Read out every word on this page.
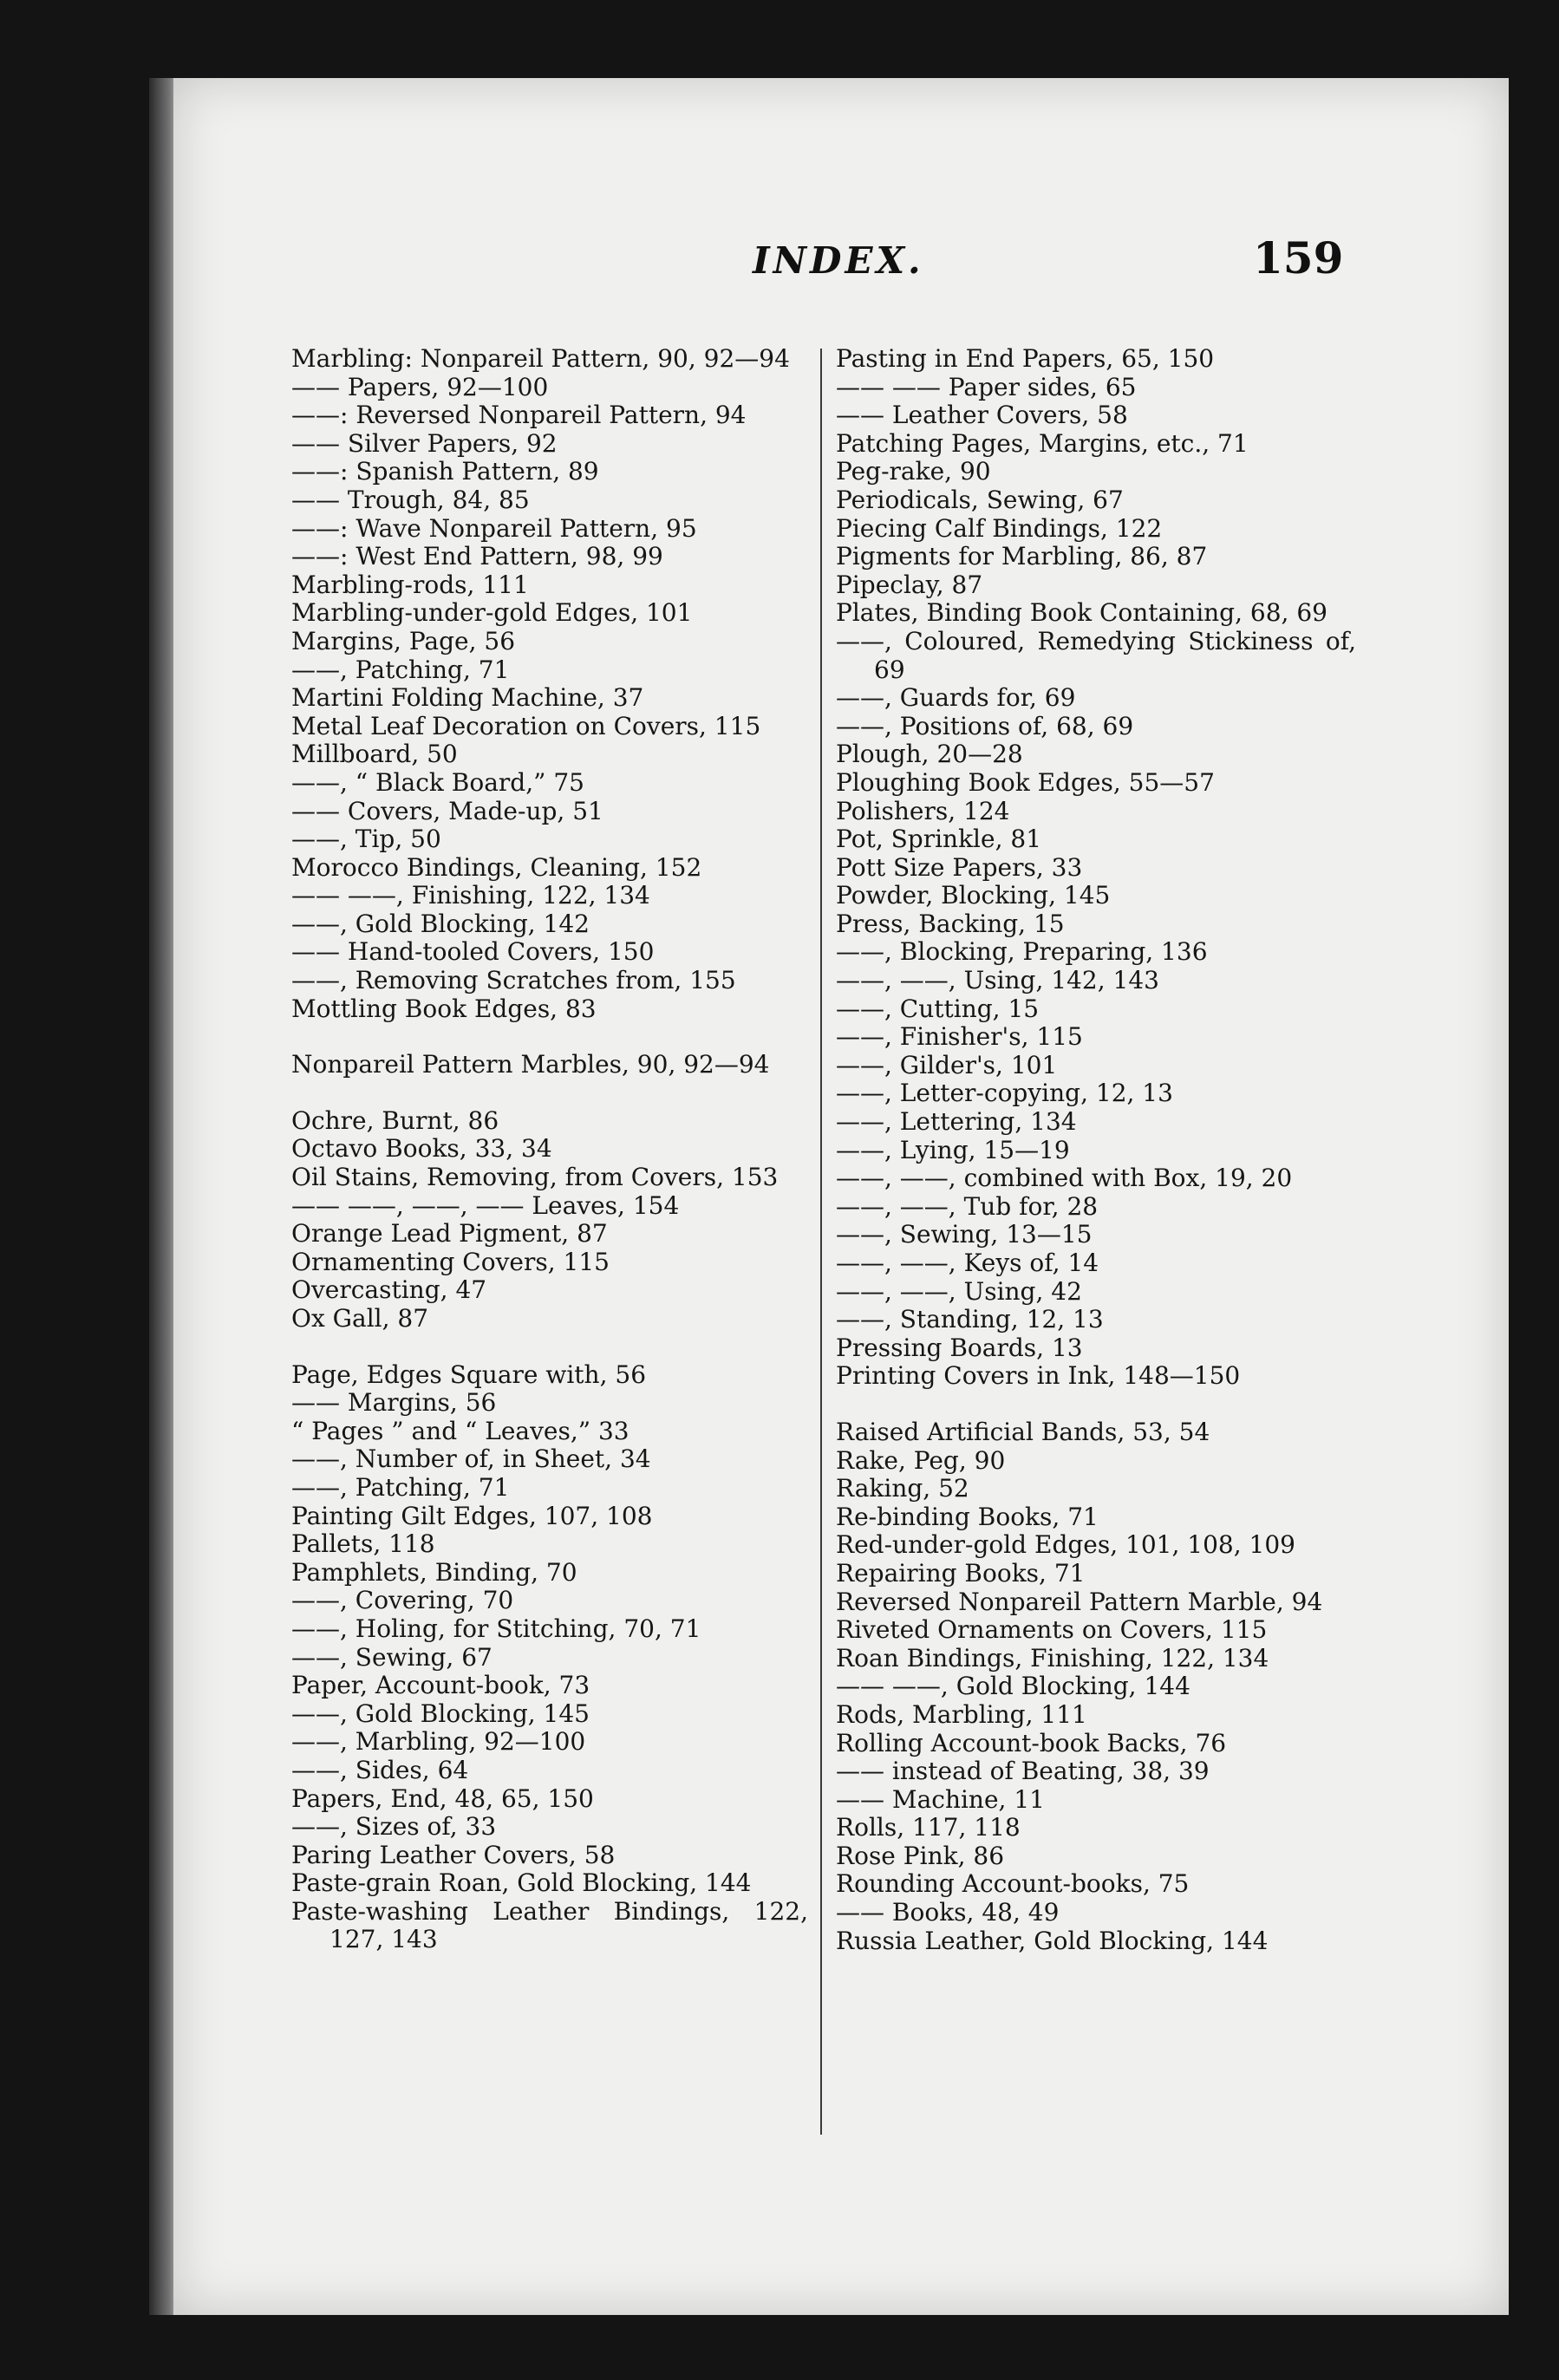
INDEX.	159
Marbling: Nonpareil Pattern, 90, 92—94
—— Papers, 92—100
——: Reversed Nonpareil Pattern, 94
—— Silver Papers, 92
——: Spanish Pattern, 89
—— Trough, 84, 85
——: Wave Nonpareil Pattern, 95
——: West End Pattern, 98, 99
Marbling-rods, 111
Marbling-under-gold Edges, 101
Margins, Page, 56
——, Patching, 71
Martini Folding Machine, 37
Metal Leaf Decoration on Covers, 115
Millboard, 50
——, “ Black Board,” 75
—— Covers, Made-up, 51
——, Tip, 50
Morocco Bindings, Cleaning, 152
—— ——, Finishing, 122, 134
——, Gold Blocking, 142
—— Hand-tooled Covers, 150
——, Removing Scratches from, 155
Mottling Book Edges, 83
Nonpareil Pattern Marbles, 90, 92—94
Ochre, Burnt, 86
Octavo Books, 33, 34
Oil Stains, Removing, from Covers, 153
—— ——, ——, —— Leaves, 154
Orange Lead Pigment, 87
Ornamenting Covers, 115
Overcasting, 47
Ox Gall, 87
Page, Edges Square with, 56
—— Margins, 56
“ Pages ” and “ Leaves,” 33
——, Number of, in Sheet, 34
——, Patching, 71
Painting Gilt Edges, 107, 108
Pallets, 118
Pamphlets, Binding, 70
——, Covering, 70
——, Holing, for Stitching, 70, 71
——, Sewing, 67
Paper, Account-book, 73
——, Gold Blocking, 145
——, Marbling, 92—100
——, Sides, 64
Papers, End, 48, 65, 150
——, Sizes of, 33
Paring Leather Covers, 58
Paste-grain Roan, Gold Blocking, 144
Paste-washing Leather Bindings, 122, 127, 143
Pasting in End Papers, 65, 150
—— —— Paper sides, 65
—— Leather Covers, 58
Patching Pages, Margins, etc., 71
Peg-rake, 90
Periodicals, Sewing, 67
Piecing Calf Bindings, 122
Pigments for Marbling, 86, 87
Pipeclay, 87
Plates, Binding Book Containing, 68, 69
——, Coloured, Remedying Stickiness of, 69
——, Guards for, 69
——, Positions of, 68, 69
Plough, 20—28
Ploughing Book Edges, 55—57
Polishers, 124
Pot, Sprinkle, 81
Pott Size Papers, 33
Powder, Blocking, 145
Press, Backing, 15
——, Blocking, Preparing, 136
——, ——, Using, 142, 143
——, Cutting, 15
——, Finisher's, 115
——, Gilder's, 101
——, Letter-copying, 12, 13
——, Lettering, 134
——, Lying, 15—19
——, ——, combined with Box, 19, 20
——, ——, Tub for, 28
——, Sewing, 13—15
——, ——, Keys of, 14
——, ——, Using, 42
——, Standing, 12, 13
Pressing Boards, 13
Printing Covers in Ink, 148—150
Raised Artificial Bands, 53, 54
Rake, Peg, 90
Raking, 52
Re-binding Books, 71
Red-under-gold Edges, 101, 108, 109
Repairing Books, 71
Reversed Nonpareil Pattern Marble, 94
Riveted Ornaments on Covers, 115
Roan Bindings, Finishing, 122, 134
—— ——, Gold Blocking, 144
Rods, Marbling, 111
Rolling Account-book Backs, 76
—— instead of Beating, 38, 39
—— Machine, 11
Rolls, 117, 118
Rose Pink, 86
Rounding Account-books, 75
—— Books, 48, 49
Russia Leather, Gold Blocking, 144
